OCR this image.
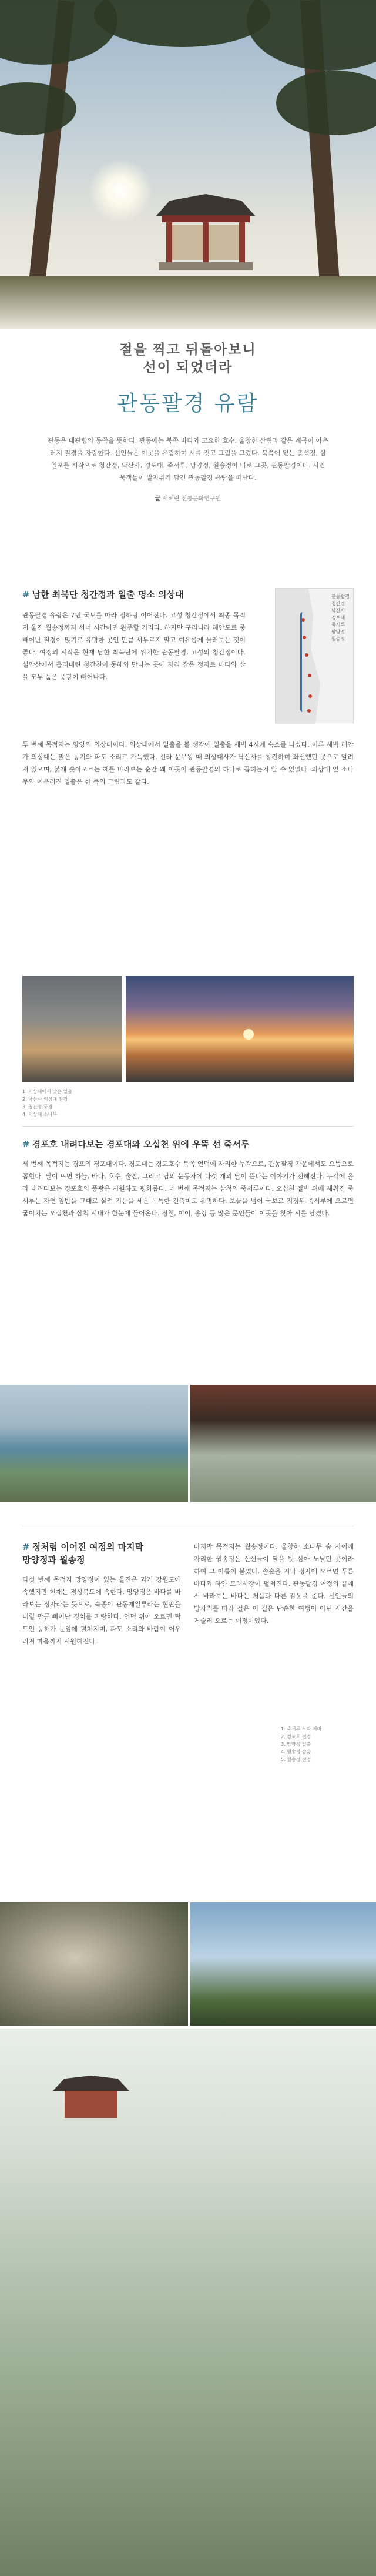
절을 찍고 뒤돌아보니
선이 되었더라
관동팔경 유람

관동은 대관령의 동쪽을 뜻한다. 관동에는 북쪽 바다와 고요한 호수, 울창한 산림과 같은 계곡이 아우러져 절경을 자랑한다. 선인들은 이곳을 유람하며 시를 짓고 그림을 그렸다. 북쪽에 있는 총석정, 삼일포를 시작으로 청간정, 낙산사, 경포대, 죽서루, 망양정, 월송정이 바로 그곳, 관동팔경이다. 시인 묵객들이 발자취가 담긴 관동팔경 유람을 떠난다.

글 서혜린 전통문화연구원
# 남한 최북단 청간정과 일출 명소 의상대

관동팔경 유람은 7번 국도를 따라 정하링 이어진다. 고성 청간정에서 최종 목적지 울진 월송정까지 서너 시간이면 완주할 거리다. 하지만 구리나라 해안도로 중 빼어난 절경이 많기로 유명한 곳인 만큼 서두르지 말고 여유롭게 둘러보는 것이 좋다. 여정의 시작은 현재 남한 최북단에 위치한 관동팔경, 고성의 청간정이다. 설악산에서 흘러내린 청간천이 동해와 만나는 곳에 자리 잡은 정자로 바다와 산을 모두 품은 풍광이 빼어나다.

관동팔경
청간정
낙산사
경포대
죽서루
망양정
월송정

두 번째 목적지는 양양의 의상대이다. 의상대에서 일출을 볼 생각에 일출을 세벽 4시에 숙소를 나섰다. 이른 새벽 해안가 의상대는 맑은 공기와 파도 소리로 가득했다. 신라 문무왕 때 의상대사가 낙산사를 창건하며 좌선했던 곳으로 알려져 있으며, 붉게 솟아오르는 해를 바라보는 순간 왜 이곳이 관동팔경의 하나로 꼽히는지 알 수 있었다. 의상대 옆 소나무와 어우러진 일출은 한 폭의 그림과도 같다.

1. 의상대에서 맞은 일출
2. 낙산사 의상대 전경
3. 청간정 풍경
4. 의상대 소나무
# 경포호 내려다보는 경포대와 오십천 위에 우뚝 선 죽서루

세 번째 목적지는 경포의 경포대이다. 경포대는 경포호수 북쪽 언덕에 자리한 누각으로, 관동팔경 가운데서도 으뜸으로 꼽힌다. 달이 뜨면 하늘, 바다, 호수, 술잔, 그리고 님의 눈동자에 다섯 개의 달이 뜬다는 이야기가 전해진다. 누각에 올라 내려다보는 경포호의 풍광은 시원하고 평화롭다. 네 번째 목적지는 삼척의 죽서루이다. 오십천 절벽 위에 세워진 죽서루는 자연 암반을 그대로 살려 기둥을 세운 독특한 건축미로 유명하다. 보물을 넘어 국보로 지정된 죽서루에 오르면 굽이치는 오십천과 삼척 시내가 한눈에 들어온다. 정철, 이이, 송강 등 많은 문인들이 이곳을 찾아 시를 남겼다.

# 정처럼 이어진 여정의 마지막
망양정과 월송정

다섯 번째 목적지 망양정이 있는 울진은 과거 강원도에 속했지만 현재는 경상북도에 속한다. 망양정은 바다를 바라보는 정자라는 뜻으로, 숙종이 관동제일루라는 현판을 내릴 만큼 빼어난 경치를 자랑한다. 언덕 위에 오르면 탁 트인 동해가 눈앞에 펼쳐지며, 파도 소리와 바람이 어우러져 마음까지 시원해진다.

마지막 목적지는 월송정이다. 울창한 소나무 숲 사이에 자리한 월송정은 신선들이 달을 벗 삼아 노닐던 곳이라 하여 그 이름이 붙었다. 솔숲을 지나 정자에 오르면 푸른 바다와 하얀 모래사장이 펼쳐진다. 관동팔경 여정의 끝에서 바라보는 바다는 처음과 다른 감동을 준다. 선인들의 발자취를 따라 걸은 이 길은 단순한 여행이 아닌 시간을 거슬러 오르는 여정이었다.

1. 죽서루 누각 처마
2. 경포호 전경
3. 망양정 일출
4. 월송정 솔숲
5. 월송정 전경
